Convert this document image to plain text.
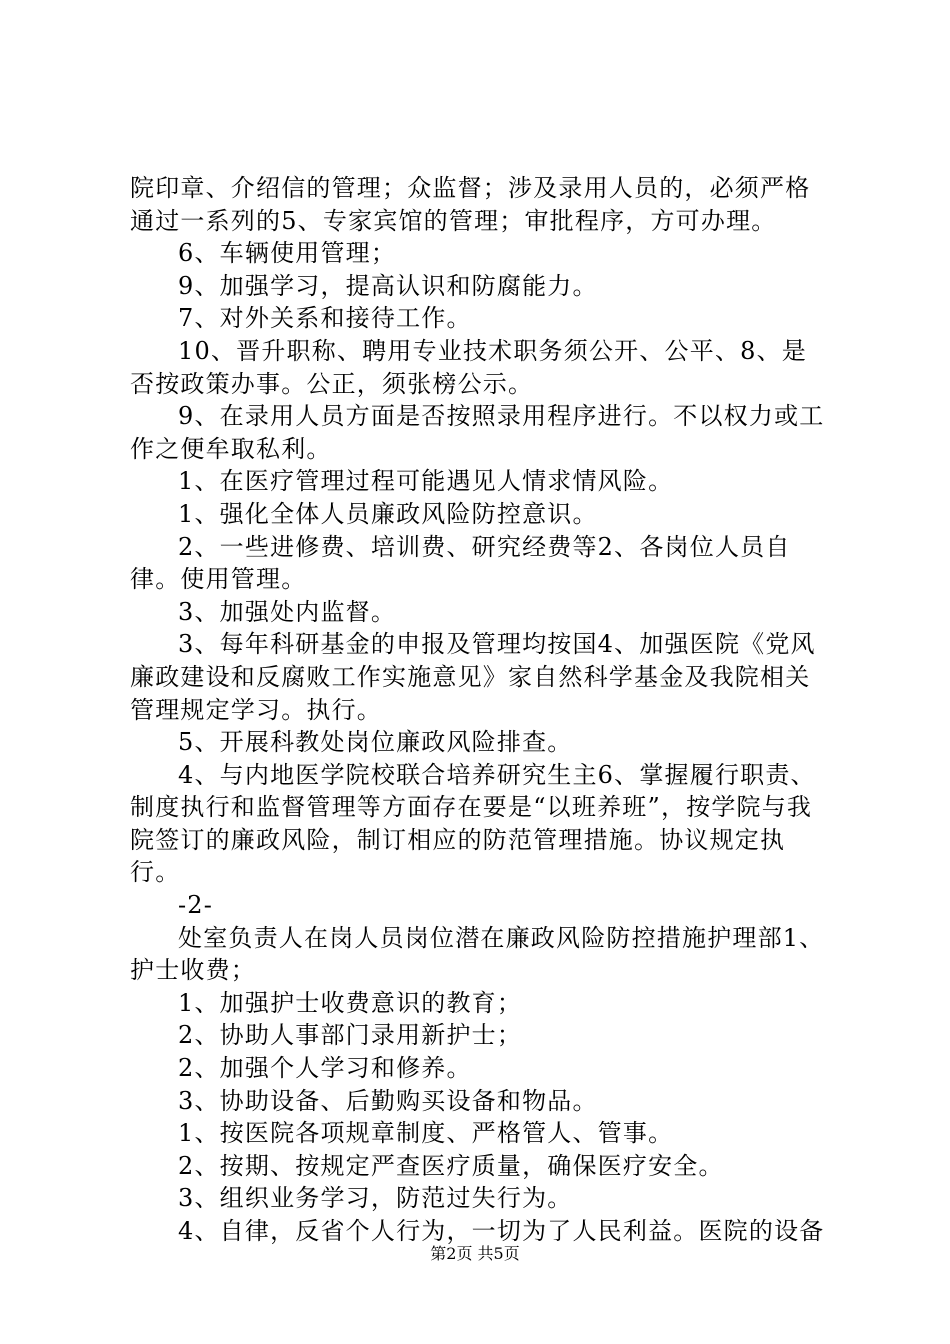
院印章、介绍信的管理；众监督；涉及录用人员的，必须严格通过一系列的5、专家宾馆的管理；审批程序，方可办理。

6、车辆使用管理；

9、加强学习，提高认识和防腐能力。

7、对外关系和接待工作。

10、晋升职称、聘用专业技术职务须公开、公平、8、是否按政策办事。公正，须张榜公示。

9、在录用人员方面是否按照录用程序进行。不以权力或工作之便牟取私利。

1、在医疗管理过程可能遇见人情求情风险。

1、强化全体人员廉政风险防控意识。

2、一些进修费、培训费、研究经费等2、各岗位人员自律。使用管理。

3、加强处内监督。

3、每年科研基金的申报及管理均按国4、加强医院《党风廉政建设和反腐败工作实施意见》家自然科学基金及我院相关管理规定学习。执行。

5、开展科教处岗位廉政风险排查。

4、与内地医学院校联合培养研究生主6、掌握履行职责、制度执行和监督管理等方面存在要是“以班养班”，按学院与我院签订的廉政风险，制订相应的防范管理措施。协议规定执行。

-2-

处室负责人在岗人员岗位潜在廉政风险防控措施护理部1、护士收费；

1、加强护士收费意识的教育；

2、协助人事部门录用新护士；

2、加强个人学习和修养。

3、协助设备、后勤购买设备和物品。

1、按医院各项规章制度、严格管人、管事。

2、按期、按规定严查医疗质量，确保医疗安全。

3、组织业务学习，防范过失行为。

4、自律，反省个人行为，一切为了人民利益。医院的设备

第2页 共5页
